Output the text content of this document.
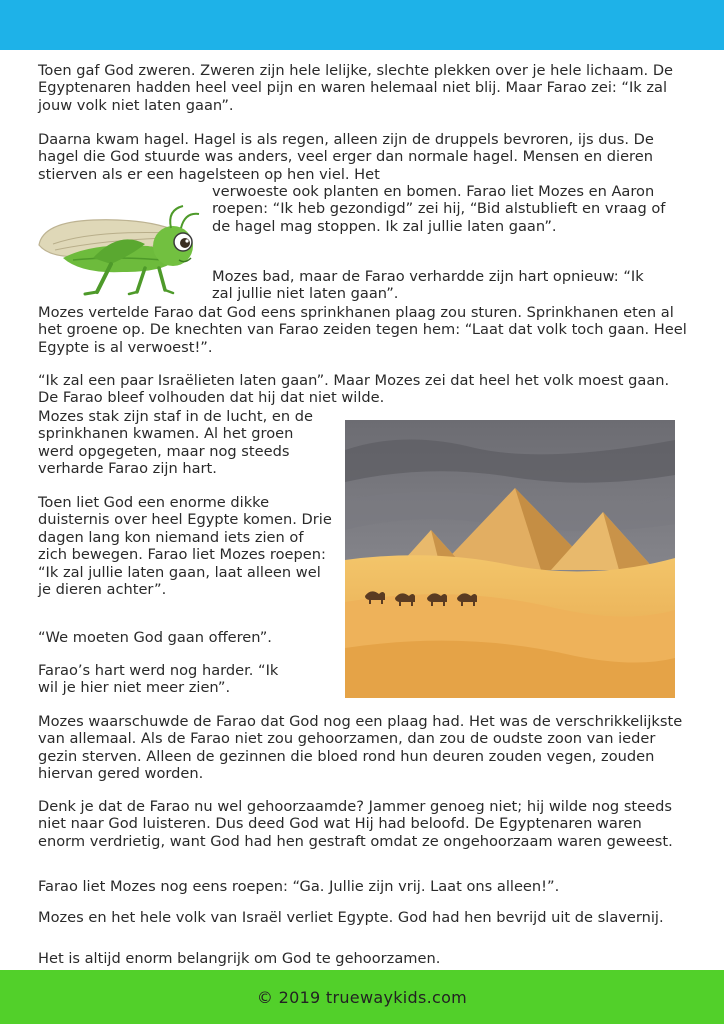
Toen gaf God zweren. Zweren zijn hele lelijke, slechte plekken over je hele lichaam. De Egyptenaren hadden heel veel pijn en waren helemaal niet blij. Maar Farao zei: “Ik zal jouw volk niet laten gaan”.

Daarna kwam hagel. Hagel is als regen, alleen zijn de druppels bevroren, ijs dus. De hagel die God stuurde was anders, veel erger dan normale hagel. Mensen en dieren stierven als er een hagelsteen op hen viel. Het

verwoeste ook planten en bomen. Farao liet Mozes en Aaron roepen: “Ik heb gezondigd” zei hij, “Bid alstublieft en vraag of de hagel mag stoppen. Ik zal jullie laten gaan”.

Mozes bad, maar de Farao verhardde zijn hart opnieuw: “Ik zal jullie niet laten gaan”.

Mozes vertelde Farao dat God eens sprinkhanen plaag zou sturen. Sprinkhanen eten al het groene op. De knechten van Farao zeiden tegen hem: “Laat dat volk toch gaan. Heel Egypte is al verwoest!”.

“Ik zal een paar Israëlieten laten gaan”. Maar Mozes zei dat heel het volk moest gaan. De Farao bleef volhouden dat hij dat niet wilde.

Mozes stak zijn staf in de lucht, en de sprinkhanen kwamen. Al het groen werd opgegeten, maar nog steeds verharde Farao zijn hart.

Toen liet God een enorme dikke duisternis over heel Egypte komen. Drie dagen lang kon niemand iets zien of zich bewegen. Farao liet Mozes roepen: “Ik zal jullie laten gaan, laat alleen wel je dieren achter”.

“We moeten God gaan offeren”.

Farao’s hart werd nog harder. “Ik wil je hier niet meer zien”.

Mozes waarschuwde de Farao dat God nog een plaag had. Het was de verschrikkelijkste van allemaal. Als de Farao niet zou gehoorzamen, dan zou de oudste zoon van ieder gezin sterven. Alleen de gezinnen die bloed rond hun deuren zouden vegen, zouden hiervan gered worden.

Denk je dat de Farao nu wel gehoorzaamde? Jammer genoeg niet; hij wilde nog steeds niet naar God luisteren. Dus deed God wat Hij had beloofd. De Egyptenaren waren enorm verdrietig, want God had hen gestraft omdat ze ongehoorzaam waren geweest.

Farao liet Mozes nog eens roepen: “Ga. Jullie zijn vrij. Laat ons alleen!”.

Mozes en het hele volk van Israël verliet Egypte. God had hen bevrijd uit de slavernij.

Het is altijd enorm belangrijk om God te gehoorzamen.

© 2019 truewaykids.com
